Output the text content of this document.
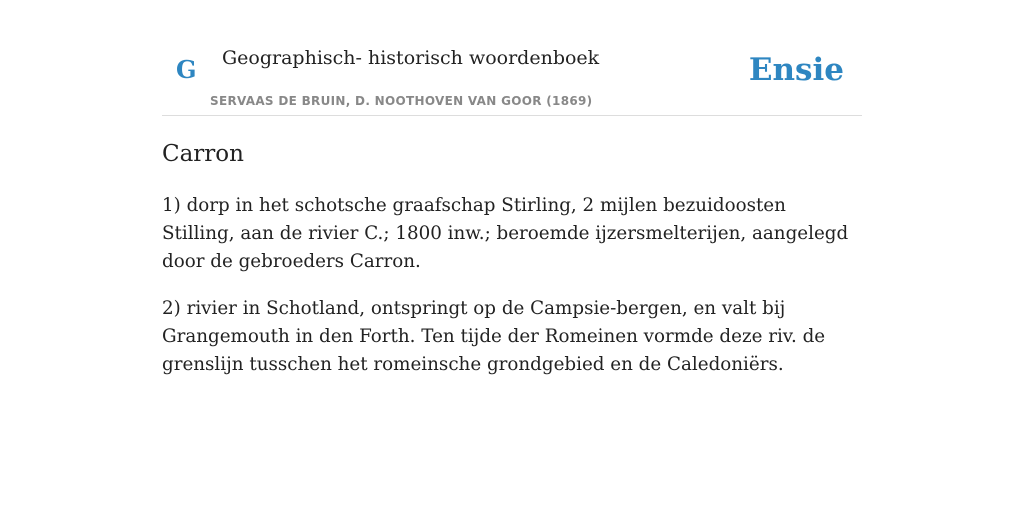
G Geographisch- historisch woordenboek
SERVAAS DE BRUIN, D. NOOTHOVEN VAN GOOR (1869)
Ensie
Carron

1) dorp in het schotsche graafschap Stirling, 2 mijlen bezuidoosten Stilling, aan de rivier C.; 1800 inw.; beroemde ijzersmelterijen, aangelegd door de gebroeders Carron.

2) rivier in Schotland, ontspringt op de Campsie-bergen, en valt bij Grangemouth in den Forth. Ten tijde der Romeinen vormde deze riv. de grenslijn tusschen het romeinsche grondgebied en de Caledoniërs.
